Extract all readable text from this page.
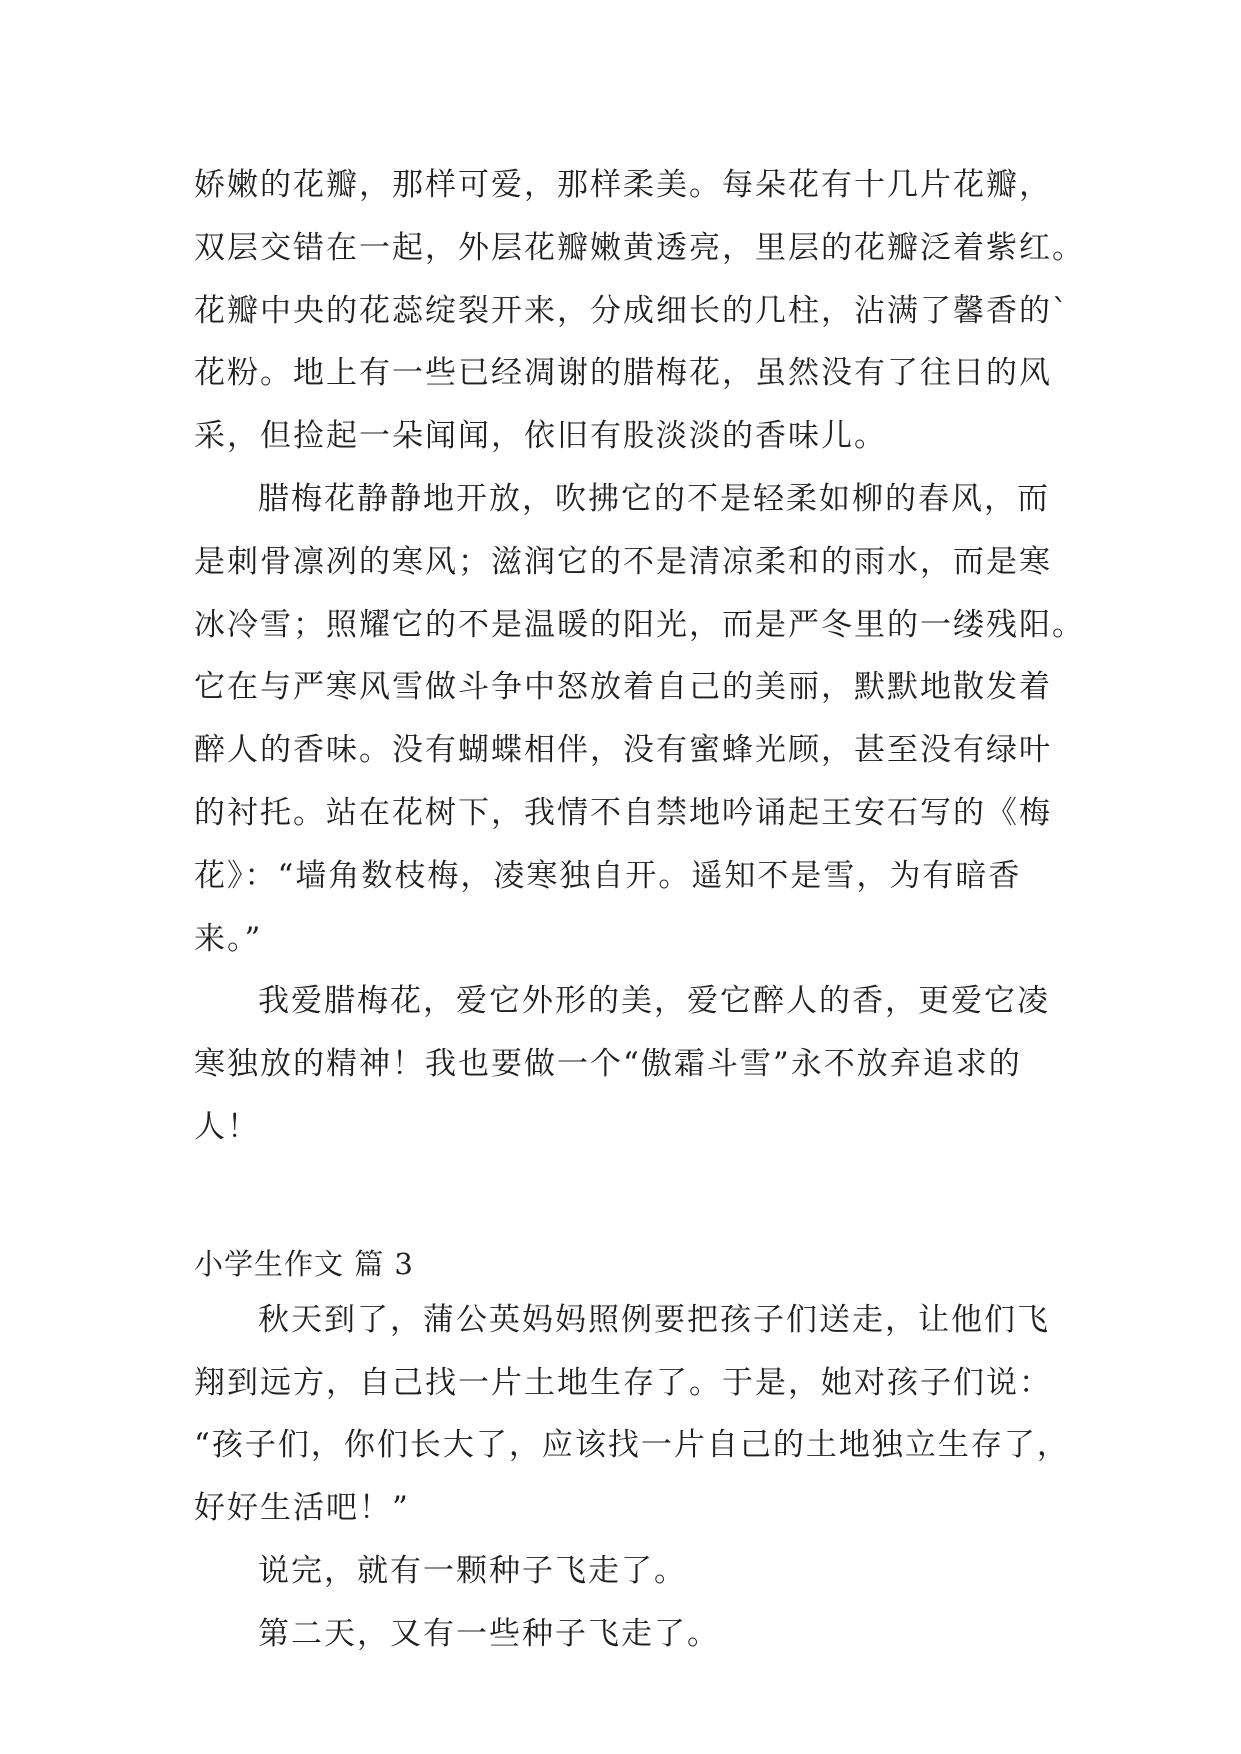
娇嫩的花瓣，那样可爱，那样柔美。每朵花有十几片花瓣，
双层交错在一起，外层花瓣嫩黄透亮，里层的花瓣泛着紫红。
花瓣中央的花蕊绽裂开来，分成细长的几柱，沾满了馨香的`
花粉。地上有一些已经凋谢的腊梅花，虽然没有了往日的风
采，但捡起一朵闻闻，依旧有股淡淡的香味儿。
腊梅花静静地开放，吹拂它的不是轻柔如柳的春风，而
是刺骨凛冽的寒风；滋润它的不是清凉柔和的雨水，而是寒
冰冷雪；照耀它的不是温暖的阳光，而是严冬里的一缕残阳。
它在与严寒风雪做斗争中怒放着自己的美丽，默默地散发着
醉人的香味。没有蝴蝶相伴，没有蜜蜂光顾，甚至没有绿叶
的衬托。站在花树下，我情不自禁地吟诵起王安石写的《梅
花》：“墙角数枝梅，凌寒独自开。遥知不是雪，为有暗香
来。”
我爱腊梅花，爱它外形的美，爱它醉人的香，更爱它凌
寒独放的精神！我也要做一个“傲霜斗雪”永不放弃追求的
人！
小学生作文 篇 3
秋天到了，蒲公英妈妈照例要把孩子们送走，让他们飞
翔到远方，自己找一片土地生存了。于是，她对孩子们说：
“孩子们，你们长大了，应该找一片自己的土地独立生存了，
好好生活吧！”
说完，就有一颗种子飞走了。
第二天，又有一些种子飞走了。
